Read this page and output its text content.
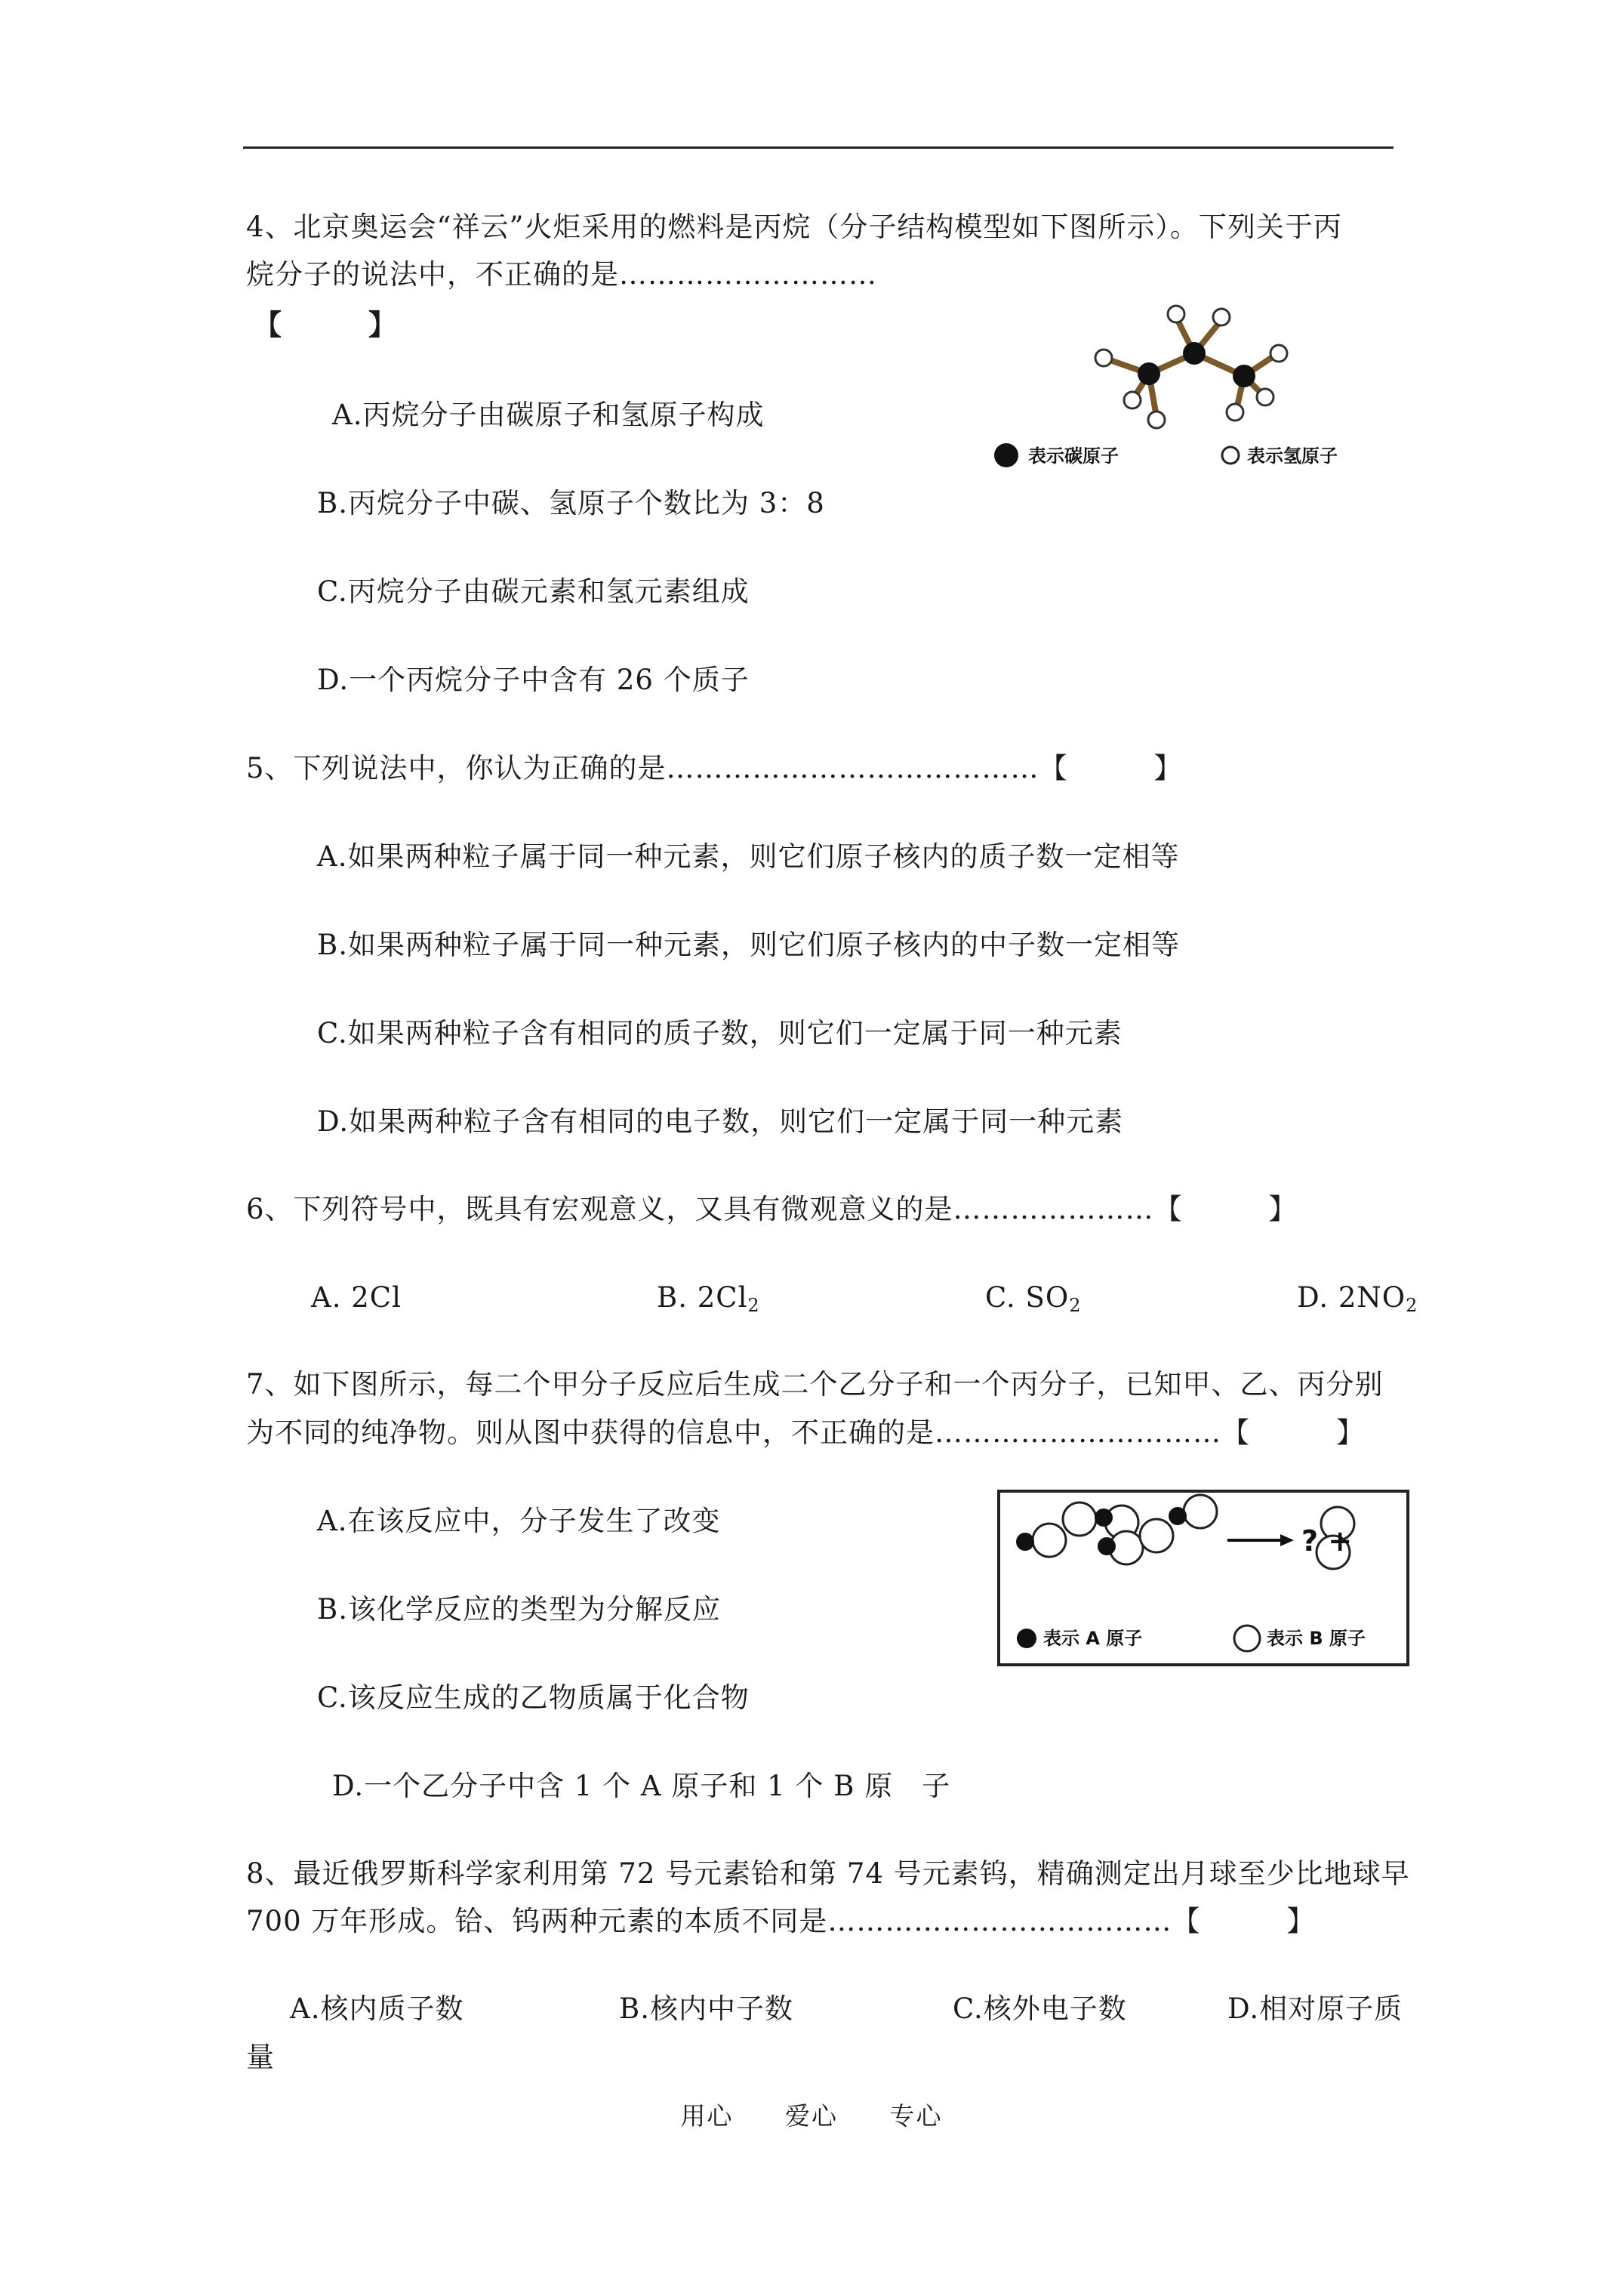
4、北京奥运会“祥云”火炬采用的燃料是丙烷（分子结构模型如下图所示）。下列关于丙
烷分子的说法中，不正确的是………………………
【　　　】
A.丙烷分子由碳原子和氢原子构成
B.丙烷分子中碳、氢原子个数比为 3：8
C.丙烷分子由碳元素和氢元素组成
D.一个丙烷分子中含有 26 个质子
表示碳原子	表示氢原子
5、下列说法中，你认为正确的是…………………………………【　　　】
A.如果两种粒子属于同一种元素，则它们原子核内的质子数一定相等
B.如果两种粒子属于同一种元素，则它们原子核内的中子数一定相等
C.如果两种粒子含有相同的质子数，则它们一定属于同一种元素
D.如果两种粒子含有相同的电子数，则它们一定属于同一种元素
6、下列符号中，既具有宏观意义，又具有微观意义的是…………………【　　　】
A. 2Cl	B. $2Cl_2$	C. $SO_2$	D. $2NO_2$
7、如下图所示，每二个甲分子反应后生成二个乙分子和一个丙分子，已知甲、乙、丙分别
为不同的纯净物。则从图中获得的信息中，不正确的是…………………………【　　　】
A.在该反应中，分子发生了改变
B.该化学反应的类型为分解反应
C.该反应生成的乙物质属于化合物
D.一个乙分子中含 1 个 A 原子和 1 个 B 原　子
? +
表示 A 原子	表示 B 原子
8、最近俄罗斯科学家利用第 72 号元素铪和第 74 号元素钨，精确测定出月球至少比地球早
700 万年形成。铪、钨两种元素的本质不同是………………………………【　　　】
A.核内质子数	B.核内中子数	C.核外电子数	D.相对原子质
量
用心 爱心 专心
